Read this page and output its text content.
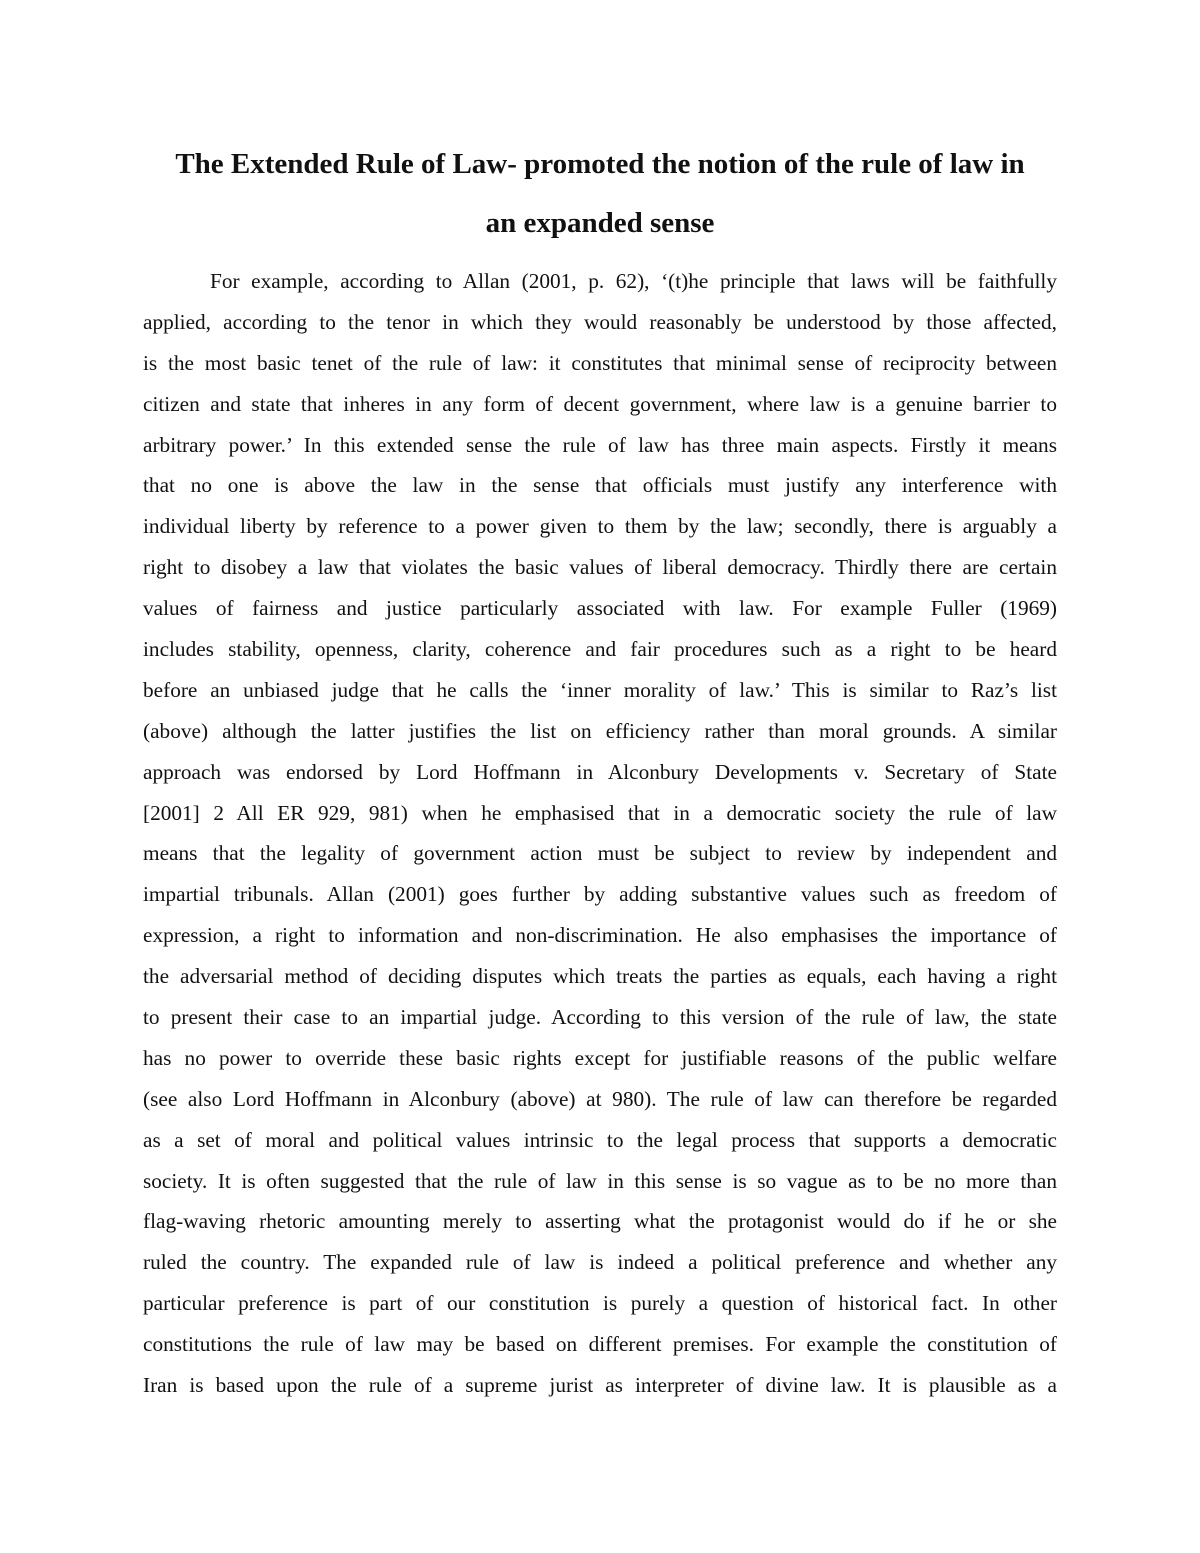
The Extended Rule of Law- promoted the notion of the rule of law in
an expanded sense
For example, according to Allan (2001, p. 62), ‘(t)he principle that laws will be faithfully
applied, according to the tenor in which they would reasonably be understood by those affected,
is the most basic tenet of the rule of law: it constitutes that minimal sense of reciprocity between
citizen and state that inheres in any form of decent government, where law is a genuine barrier to
arbitrary power.’ In this extended sense the rule of law has three main aspects. Firstly it means
that no one is above the law in the sense that officials must justify any interference with
individual liberty by reference to a power given to them by the law; secondly, there is arguably a
right to disobey a law that violates the basic values of liberal democracy. Thirdly there are certain
values of fairness and justice particularly associated with law. For example Fuller (1969)
includes stability, openness, clarity, coherence and fair procedures such as a right to be heard
before an unbiased judge that he calls the ‘inner morality of law.’ This is similar to Raz’s list
(above) although the latter justifies the list on efficiency rather than moral grounds. A similar
approach was endorsed by Lord Hoffmann in Alconbury Developments v. Secretary of State
[2001] 2 All ER 929, 981) when he emphasised that in a democratic society the rule of law
means that the legality of government action must be subject to review by independent and
impartial tribunals. Allan (2001) goes further by adding substantive values such as freedom of
expression, a right to information and non-discrimination. He also emphasises the importance of
the adversarial method of deciding disputes which treats the parties as equals, each having a right
to present their case to an impartial judge. According to this version of the rule of law, the state
has no power to override these basic rights except for justifiable reasons of the public welfare
(see also Lord Hoffmann in Alconbury (above) at 980). The rule of law can therefore be regarded
as a set of moral and political values intrinsic to the legal process that supports a democratic
society. It is often suggested that the rule of law in this sense is so vague as to be no more than
flag-waving rhetoric amounting merely to asserting what the protagonist would do if he or she
ruled the country. The expanded rule of law is indeed a political preference and whether any
particular preference is part of our constitution is purely a question of historical fact. In other
constitutions the rule of law may be based on different premises. For example the constitution of
Iran is based upon the rule of a supreme jurist as interpreter of divine law. It is plausible as a
